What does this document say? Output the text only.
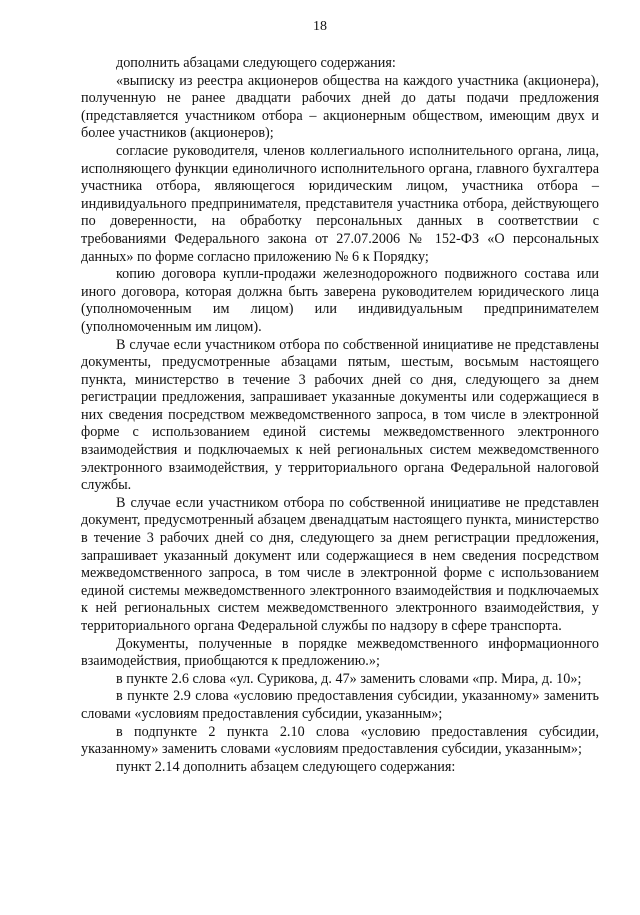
18

дополнить абзацами следующего содержания:

«выписку из реестра акционеров общества на каждого участника (акционера), полученную не ранее двадцати рабочих дней до даты подачи предложения (представляется участником отбора – акционерным обществом, имеющим двух и более участников (акционеров);

согласие руководителя, членов коллегиального исполнительного органа, лица, исполняющего функции единоличного исполнительного органа, главного бухгалтера участника отбора, являющегося юридическим лицом, участника отбора – индивидуального предпринимателя, представителя участника отбора, действующего по доверенности, на обработку персональных данных в соответствии с требованиями Федерального закона от 27.07.2006 № 152-ФЗ «О персональных данных» по форме согласно приложению № 6 к Порядку;

копию договора купли-продажи железнодорожного подвижного состава или иного договора, которая должна быть заверена руководителем юридического лица (уполномоченным им лицом) или индивидуальным предпринимателем (уполномоченным им лицом).

В случае если участником отбора по собственной инициативе не представлены документы, предусмотренные абзацами пятым, шестым, восьмым настоящего пункта, министерство в течение 3 рабочих дней со дня, следующего за днем регистрации предложения, запрашивает указанные документы или содержащиеся в них сведения посредством межведомственного запроса, в том числе в электронной форме с использованием единой системы межведомственного электронного взаимодействия и подключаемых к ней региональных систем межведомственного электронного взаимодействия, у территориального органа Федеральной налоговой службы.

В случае если участником отбора по собственной инициативе не представлен документ, предусмотренный абзацем двенадцатым настоящего пункта, министерство в течение 3 рабочих дней со дня, следующего за днем регистрации предложения, запрашивает указанный документ или содержащиеся в нем сведения посредством межведомственного запроса, в том числе в электронной форме с использованием единой системы межведомственного электронного взаимодействия и подключаемых к ней региональных систем межведомственного электронного взаимодействия, у территориального органа Федеральной службы по надзору в сфере транспорта.

Документы, полученные в порядке межведомственного информационного взаимодействия, приобщаются к предложению.»;

в пункте 2.6 слова «ул. Сурикова, д. 47» заменить словами «пр. Мира, д. 10»;

в пункте 2.9 слова «условию предоставления субсидии, указанному» заменить словами «условиям предоставления субсидии, указанным»;

в подпункте 2 пункта 2.10 слова «условию предоставления субсидии, указанному» заменить словами «условиям предоставления субсидии, указанным»;

пункт 2.14 дополнить абзацем следующего содержания:
